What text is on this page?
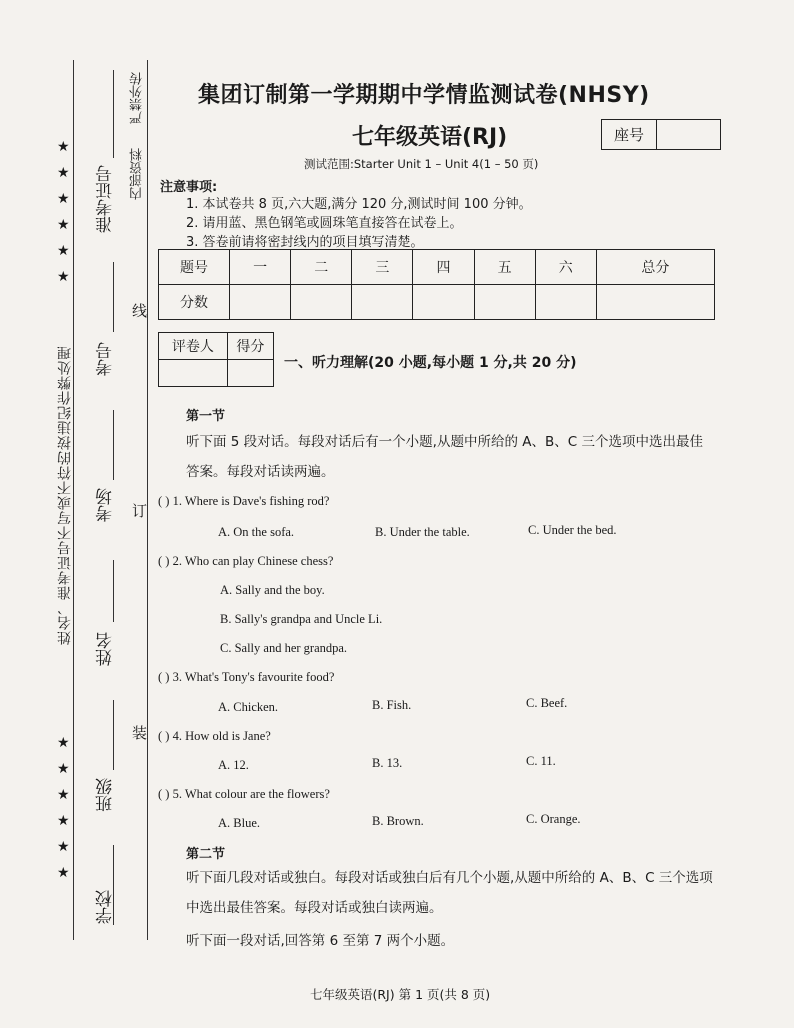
★
★
★
★
★
★
★
★
★
★
★
★
姓名、准考证号不写或不符的按违纪作弊处理
学校
班级
姓名
考场
考号
准考证号
装
订
线
内部资料
严禁外传 集团订制第一学期期中学情监测试卷(NHSY)
七年级英语(RJ)	座号
测试范围:Starter Unit 1 – Unit 4(1 – 50 页)
注意事项:
1. 本试卷共 8 页,六大题,满分 120 分,测试时间 100 分钟。
2. 请用蓝、黑色钢笔或圆珠笔直接答在试卷上。
3. 答卷前请将密封线内的项目填写清楚。
题号	一	二	三	四	五	六	总分
分数							
评卷人	得分

一、听力理解(20 小题,每小题 1 分,共 20 分)
第一节
听下面 5 段对话。每段对话后有一个小题,从题中所给的 A、B、C 三个选项中选出最佳答案。每段对话读两遍。
( ) 1. Where is Dave's fishing rod?
A. On the sofa.	B. Under the table.	C. Under the bed.
( ) 2. Who can play Chinese chess?
A. Sally and the boy.
B. Sally's grandpa and Uncle Li.
C. Sally and her grandpa.
( ) 3. What's Tony's favourite food?
A. Chicken.	B. Fish.	C. Beef.
( ) 4. How old is Jane?
A. 12.	B. 13.	C. 11.
( ) 5. What colour are the flowers?
A. Blue.	B. Brown.	C. Orange.
第二节
听下面几段对话或独白。每段对话或独白后有几个小题,从题中所给的 A、B、C 三个选项中选出最佳答案。每段对话或独白读两遍。
听下面一段对话,回答第 6 至第 7 两个小题。
七年级英语(RJ) 第 1 页(共 8 页)
